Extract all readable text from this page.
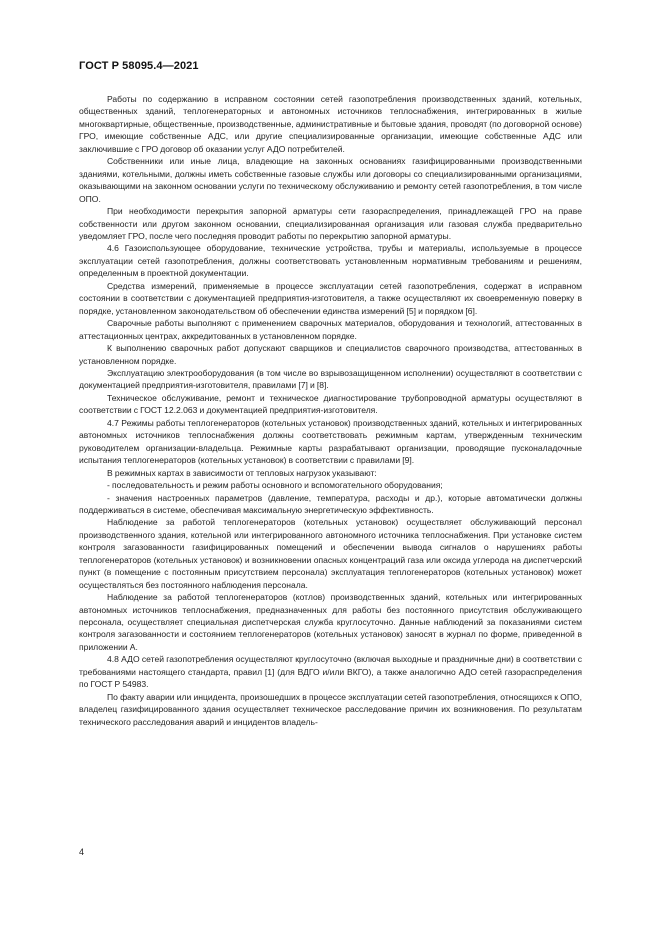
ГОСТ Р 58095.4—2021

Работы по содержанию в исправном состоянии сетей газопотребления производственных зданий, котельных, общественных зданий, теплогенераторных и автономных источников теплоснабжения, интегрированных в жилые многоквартирные, общественные, производственные, административные и бытовые здания, проводят (по договорной основе) ГРО, имеющие собственные АДС, или другие специализированные организации, имеющие собственные АДС или заключившие с ГРО договор об оказании услуг АДО потребителей.

Собственники или иные лица, владеющие на законных основаниях газифицированными производственными зданиями, котельными, должны иметь собственные газовые службы или договоры со специализированными организациями, оказывающими на законном основании услуги по техническому обслуживанию и ремонту сетей газопотребления, в том числе ОПО.

При необходимости перекрытия запорной арматуры сети газораспределения, принадлежащей ГРО на праве собственности или другом законном основании, специализированная организация или газовая служба предварительно уведомляет ГРО, после чего последняя проводит работы по перекрытию запорной арматуры.

4.6 Газоиспользующее оборудование, технические устройства, трубы и материалы, используемые в процессе эксплуатации сетей газопотребления, должны соответствовать установленным нормативным требованиям и решениям, определенным в проектной документации.

Средства измерений, применяемые в процессе эксплуатации сетей газопотребления, содержат в исправном состоянии в соответствии с документацией предприятия-изготовителя, а также осуществляют их своевременную поверку в порядке, установленном законодательством об обеспечении единства измерений [5] и порядком [6].

Сварочные работы выполняют с применением сварочных материалов, оборудования и технологий, аттестованных в аттестационных центрах, аккредитованных в установленном порядке.

К выполнению сварочных работ допускают сварщиков и специалистов сварочного производства, аттестованных в установленном порядке.

Эксплуатацию электрооборудования (в том числе во взрывозащищенном исполнении) осуществляют в соответствии с документацией предприятия-изготовителя, правилами [7] и [8].

Техническое обслуживание, ремонт и техническое диагностирование трубопроводной арматуры осуществляют в соответствии с ГОСТ 12.2.063 и документацией предприятия-изготовителя.

4.7 Режимы работы теплогенераторов (котельных установок) производственных зданий, котельных и интегрированных автономных источников теплоснабжения должны соответствовать режимным картам, утвержденным техническим руководителем организации-владельца. Режимные карты разрабатывают организации, проводящие пусконаладочные испытания теплогенераторов (котельных установок) в соответствии с правилами [9].

В режимных картах в зависимости от тепловых нагрузок указывают:

- последовательность и режим работы основного и вспомогательного оборудования;

- значения настроенных параметров (давление, температура, расходы и др.), которые автоматически должны поддерживаться в системе, обеспечивая максимальную энергетическую эффективность.

Наблюдение за работой теплогенераторов (котельных установок) осуществляет обслуживающий персонал производственного здания, котельной или интегрированного автономного источника теплоснабжения. При установке систем контроля загазованности газифицированных помещений и обеспечении вывода сигналов о нарушениях работы теплогенераторов (котельных установок) и возникновении опасных концентраций газа или оксида углерода на диспетчерский пункт (в помещение с постоянным присутствием персонала) эксплуатация теплогенераторов (котельных установок) может осуществляться без постоянного наблюдения персонала.

Наблюдение за работой теплогенераторов (котлов) производственных зданий, котельных или интегрированных автономных источников теплоснабжения, предназначенных для работы без постоянного присутствия обслуживающего персонала, осуществляет специальная диспетчерская служба круглосуточно. Данные наблюдений за показаниями систем контроля загазованности и состоянием теплогенераторов (котельных установок) заносят в журнал по форме, приведенной в приложении А.

4.8 АДО сетей газопотребления осуществляют круглосуточно (включая выходные и праздничные дни) в соответствии с требованиями настоящего стандарта, правил [1] (для ВДГО и/или ВКГО), а также аналогично АДО сетей газораспределения по ГОСТ Р 54983.

По факту аварии или инцидента, произошедших в процессе эксплуатации сетей газопотребления, относящихся к ОПО, владелец газифицированного здания осуществляет техническое расследование причин их возникновения. По результатам технического расследования аварий и инцидентов владель-

4
